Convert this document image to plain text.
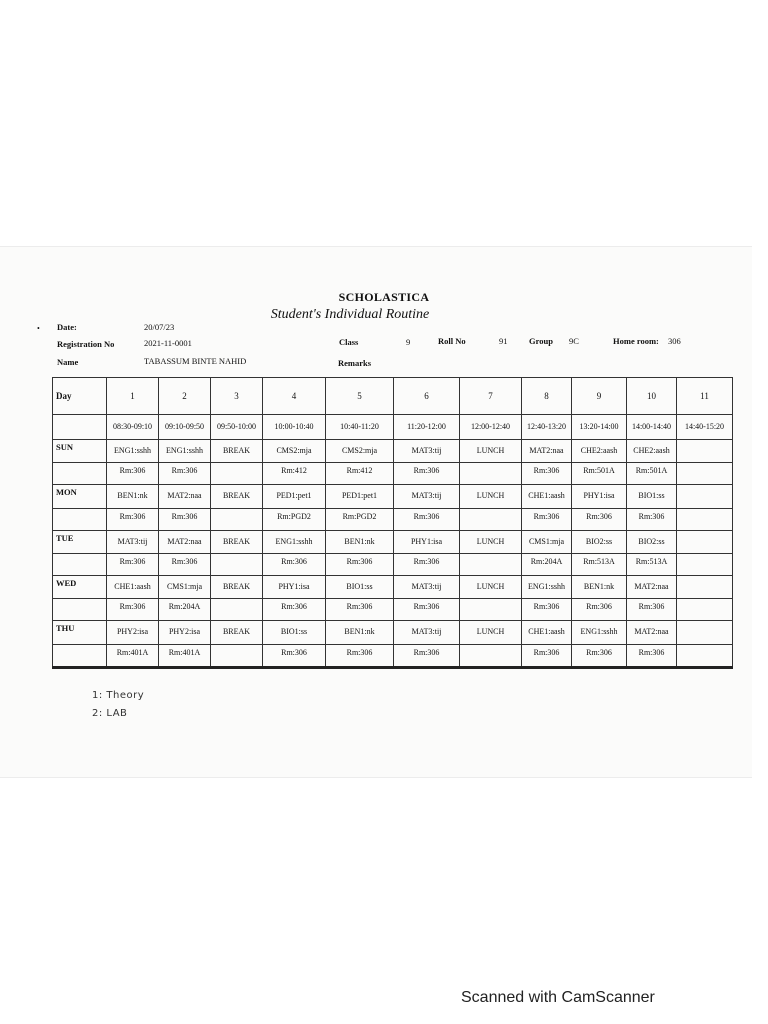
SCHOLASTICA
Student's Individual Routine
• Date:	20/07/23
Registration No	2021-11-0001	Class	9	Roll No	91	Group 9C	Home room: 306
Name	TABASSUM BINTE NAHID	Remarks
Day	1	2	3	4	5	6	7	8	9	10	11
	08:30-09:10	09:10-09:50	09:50-10:00	10:00-10:40	10:40-11:20	11:20-12:00	12:00-12:40	12:40-13:20	13:20-14:00	14:00-14:40	14:40-15:20
SUN	ENG1:sshh	ENG1:sshh	BREAK	CMS2:mja	CMS2:mja	MAT3:tij	LUNCH	MAT2:naa	CHE2:aash	CHE2:aash	
	Rm:306	Rm:306		Rm:412	Rm:412	Rm:306		Rm:306	Rm:501A	Rm:501A	
MON	BEN1:nk	MAT2:naa	BREAK	PED1:pet1	PED1:pet1	MAT3:tij	LUNCH	CHE1:aash	PHY1:isa	BIO1:ss	
	Rm:306	Rm:306		Rm:PGD2	Rm:PGD2	Rm:306		Rm:306	Rm:306	Rm:306	
TUE	MAT3:tij	MAT2:naa	BREAK	ENG1:sshh	BEN1:nk	PHY1:isa	LUNCH	CMS1:mja	BIO2:ss	BIO2:ss	
	Rm:306	Rm:306		Rm:306	Rm:306	Rm:306		Rm:204A	Rm:513A	Rm:513A	
WED	CHE1:aash	CMS1:mja	BREAK	PHY1:isa	BIO1:ss	MAT3:tij	LUNCH	ENG1:sshh	BEN1:nk	MAT2:naa	
	Rm:306	Rm:204A		Rm:306	Rm:306	Rm:306		Rm:306	Rm:306	Rm:306	
THU	PHY2:isa	PHY2:isa	BREAK	BIO1:ss	BEN1:nk	MAT3:tij	LUNCH	CHE1:aash	ENG1:sshh	MAT2:naa	
	Rm:401A	Rm:401A		Rm:306	Rm:306	Rm:306		Rm:306	Rm:306	Rm:306	
1: Theory
2: LAB
Scanned with CamScanner
